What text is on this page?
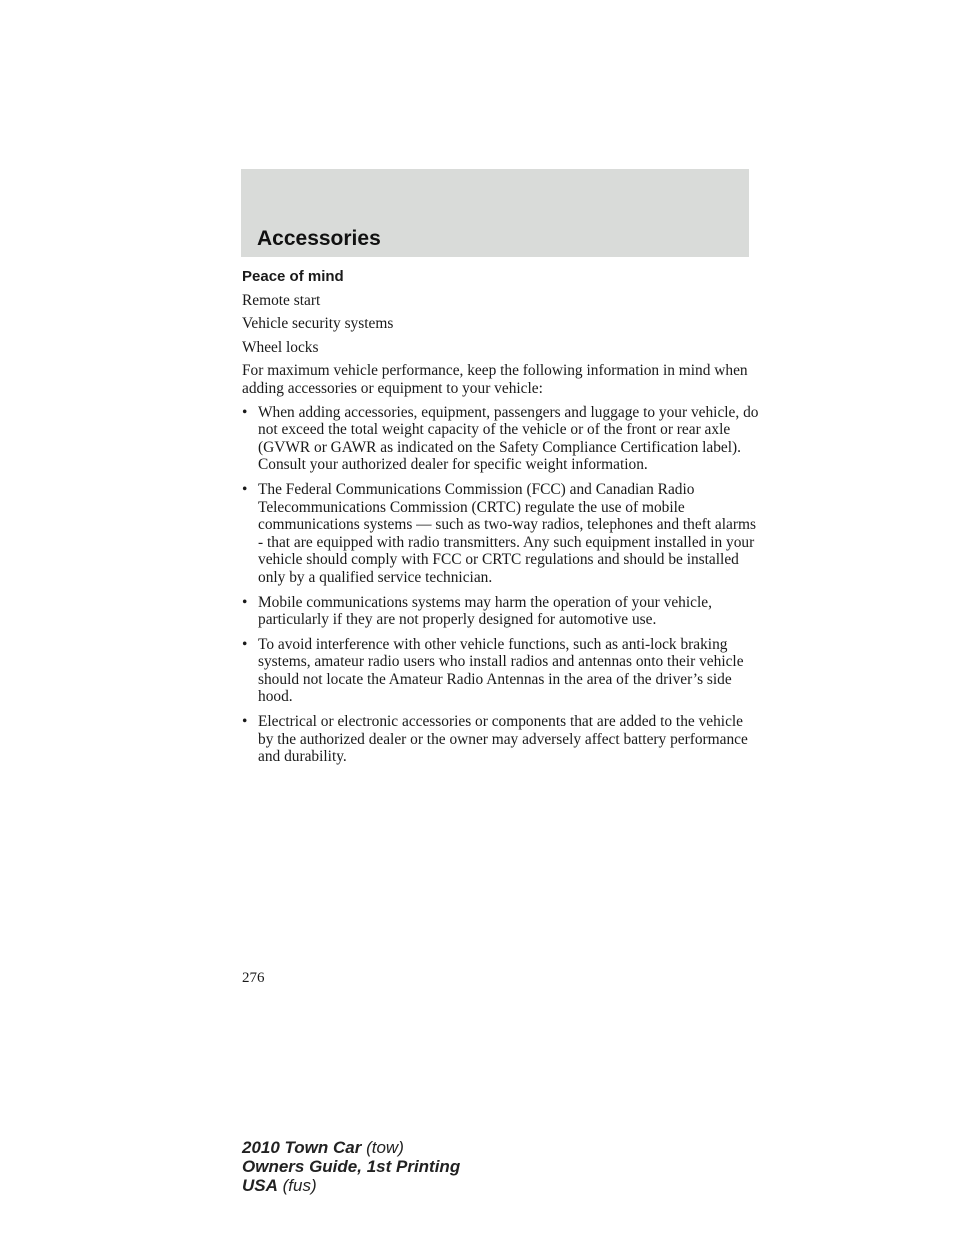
Accessories
Peace of mind
Remote start
Vehicle security systems
Wheel locks
For maximum vehicle performance, keep the following information in mind when adding accessories or equipment to your vehicle:
• When adding accessories, equipment, passengers and luggage to your vehicle, do not exceed the total weight capacity of the vehicle or of the front or rear axle (GVWR or GAWR as indicated on the Safety Compliance Certification label). Consult your authorized dealer for specific weight information.
• The Federal Communications Commission (FCC) and Canadian Radio Telecommunications Commission (CRTC) regulate the use of mobile communications systems — such as two-way radios, telephones and theft alarms - that are equipped with radio transmitters. Any such equipment installed in your vehicle should comply with FCC or CRTC regulations and should be installed only by a qualified service technician.
• Mobile communications systems may harm the operation of your vehicle, particularly if they are not properly designed for automotive use.
• To avoid interference with other vehicle functions, such as anti-lock braking systems, amateur radio users who install radios and antennas onto their vehicle should not locate the Amateur Radio Antennas in the area of the driver’s side hood.
• Electrical or electronic accessories or components that are added to the vehicle by the authorized dealer or the owner may adversely affect battery performance and durability.
276
2010 Town Car (tow)
Owners Guide, 1st Printing
USA (fus)
